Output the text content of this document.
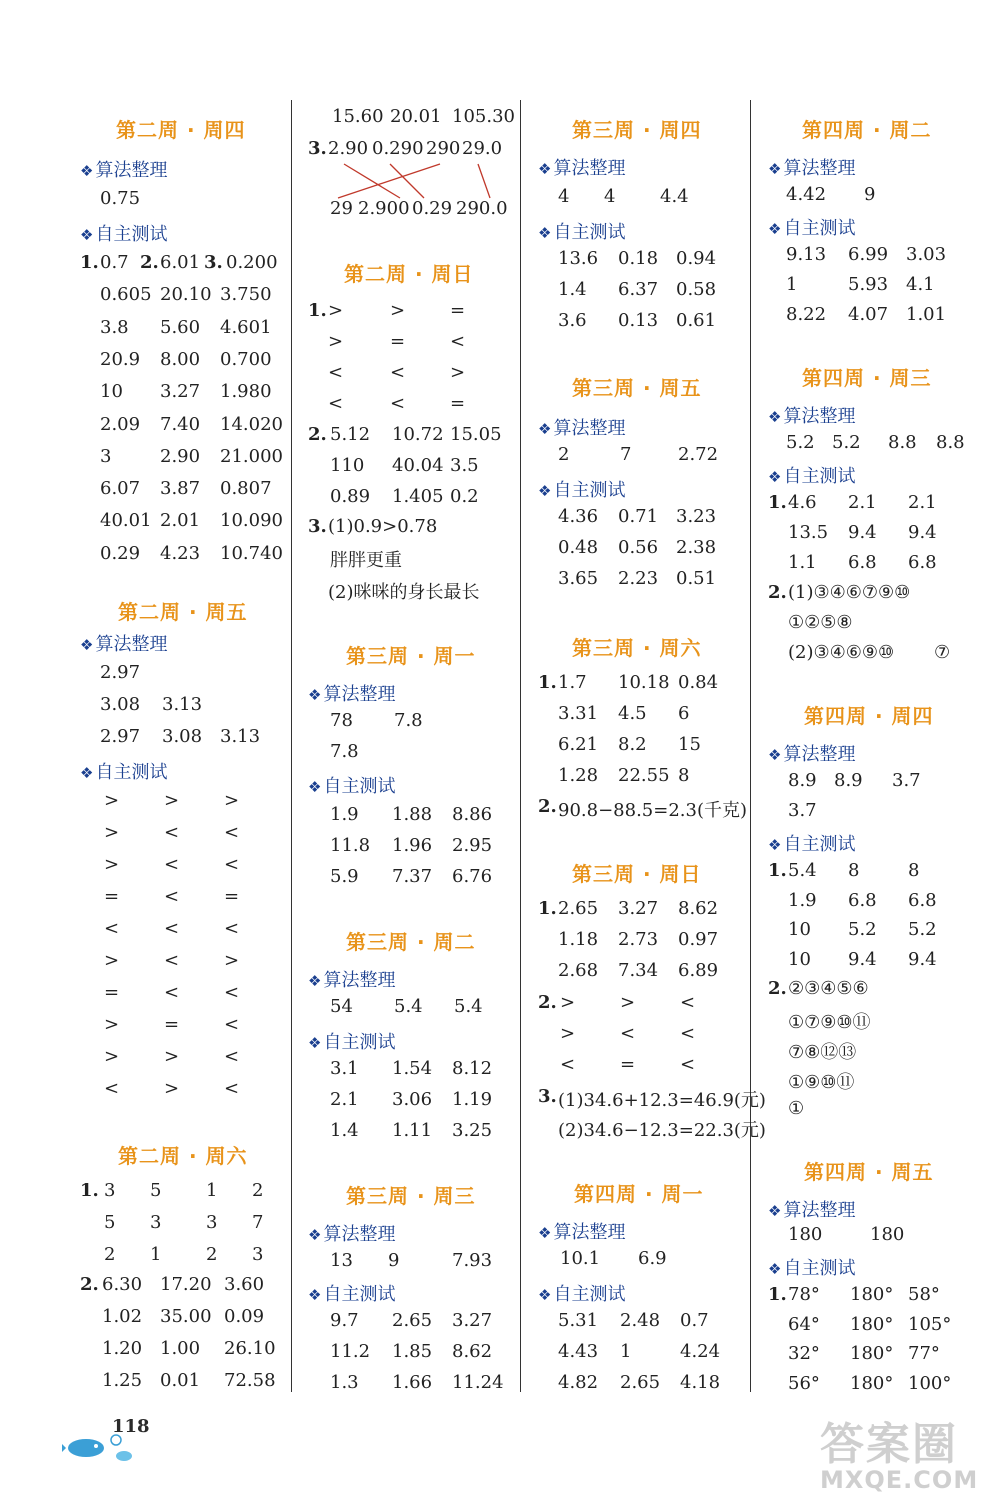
第二周 · 周四
❖ 算法整理
0.75
❖ 自主测试
1. 0.7 2. 6.01 3. 0.200
0.605 20.10 3.750
3.8 5.60 4.601
20.9 8.00 0.700
10 3.27 1.980
2.09 7.40 14.020
3	2.90 21.000
6.07 3.87 0.807
40.01 2.01 10.090
0.29 4.23 10.740
第二周 · 周五
❖ 算法整理
2.97
3.08 3.13
2.97 3.08 3.13
❖ 自主测试
> > >
> < <
> < <
= < =
< < <
> < >
= < <
> = <
> > <
< > <
第二周 · 周六
1. 3 5 1 2
5 3 3 7
2 1 2 3
2. 6.30 17.20 3.60
1.02 35.00 0.09
1.20 1.00 26.10
1.25 0.01 72.58
15.60 20.01 105.30
3. 2.90 0.290 290 29.0
29 2.900 0.29 290.0
第二周 · 周日
1. >	> =
>	= <
<	< >
<	< =
2. 5.12 10.72 15.05
110 40.04 3.5
0.89 1.405 0.2
3. (1)0.9>0.78
胖胖更重
(2)咪咪的身长最长
第三周 · 周一
❖ 算法整理
78 7.8
7.8
❖ 自主测试
1.9 1.88 8.86
11.8 1.96 2.95
5.9 7.37 6.76
第三周 · 周二
❖ 算法整理
54 5.4 5.4
❖ 自主测试
3.1 1.54 8.12
2.1 3.06 1.19
1.4 1.11 3.25
第三周 · 周三
❖ 算法整理
13 9	7.93
❖ 自主测试
9.7 2.65 3.27
11.2 1.85 8.62
1.3 1.66 11.24
第三周 · 周四
❖ 算法整理
4 4 4.4
❖ 自主测试
13.6 0.18 0.94
1.4 6.37 0.58
3.6 0.13 0.61
第三周 · 周五
❖ 算法整理
2	7	2.72
❖ 自主测试
4.36 0.71 3.23
0.48 0.56 2.38
3.65 2.23 0.51
第三周 · 周六
1. 1.7 10.18 0.84
3.31 4.5 6
6.21 8.2 15
1.28 22.55 8
2. 90.8−88.5=2.3(千克)
第三周 · 周日
1. 2.65 3.27 8.62
1.18 2.73 0.97
2.68 7.34 6.89
2. > > <
> < <
< = <
3. (1)34.6+12.3=46.9(元)
(2)34.6−12.3=22.3(元)
第四周 · 周一
❖ 算法整理
10.1 6.9
❖ 自主测试
5.31 2.48 0.7
4.43 1	4.24
4.82 2.65 4.18
第四周 · 周二
❖ 算法整理
4.42 9
❖ 自主测试
9.13 6.99 3.03
1	5.93 4.1
8.22 4.07 1.01
第四周 · 周三
❖ 算法整理
5.2 5.2 8.8 8.8
❖ 自主测试
1. 4.6 2.1 2.1
13.5 9.4 9.4
1.1 6.8 6.8
2. (1)③④⑥⑦⑨⑩
①②⑤⑧
(2)③④⑥⑨⑩ ⑦
第四周 · 周四
❖ 算法整理
8.9 8.9 3.7
3.7
❖ 自主测试
1. 5.4 8	8
1.9 6.8 6.8
10 5.2 5.2
10 9.4 9.4
2. ②③④⑤⑥
①⑦⑨⑩⑪
⑦⑧⑫⑬
①⑨⑩⑪
①
第四周 · 周五
❖ 算法整理
180	180
❖ 自主测试
1. 78° 180° 58°
64° 180° 105°
32° 180° 77°
56° 180° 100°
118	答案圈
MXQE.COM
